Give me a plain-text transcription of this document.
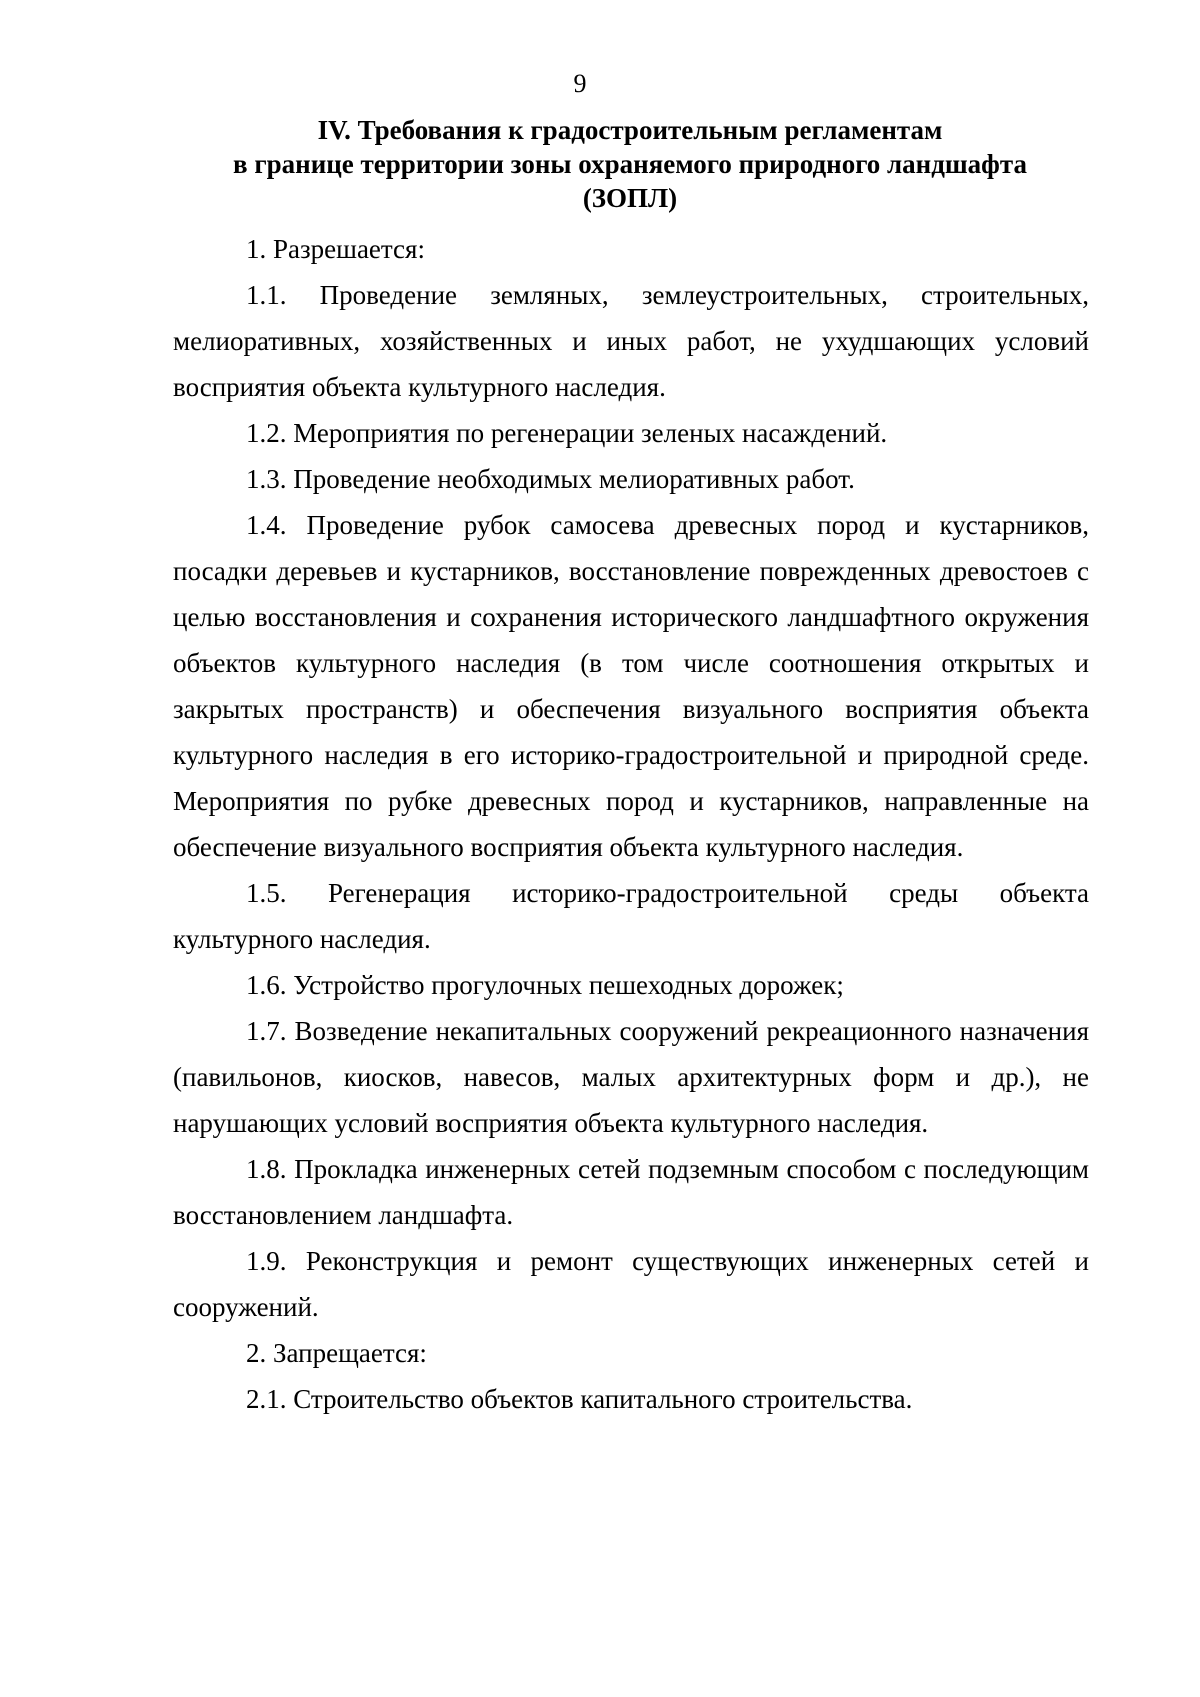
9
IV. Требования к градостроительным регламентам
в границе территории зоны охраняемого природного ландшафта
(ЗОПЛ)

1. Разрешается:

1.1. Проведение земляных, землеустроительных, строительных, мелиоративных, хозяйственных и иных работ, не ухудшающих условий восприятия объекта культурного наследия.

1.2. Мероприятия по регенерации зеленых насаждений.

1.3. Проведение необходимых мелиоративных работ.

1.4. Проведение рубок самосева древесных пород и кустарников, посадки деревьев и кустарников, восстановление поврежденных древостоев с целью восстановления и сохранения исторического ландшафтного окружения объектов культурного наследия (в том числе соотношения открытых и закрытых пространств) и обеспечения визуального восприятия объекта культурного наследия в его историко-градостроительной и природной среде. Мероприятия по рубке древесных пород и кустарников, направленные на обеспечение визуального восприятия объекта культурного наследия.

1.5. Регенерация историко-градостроительной среды объекта культурного наследия.

1.6. Устройство прогулочных пешеходных дорожек;

1.7. Возведение некапитальных сооружений рекреационного назначения (павильонов, киосков, навесов, малых архитектурных форм и др.), не нарушающих условий восприятия объекта культурного наследия.

1.8. Прокладка инженерных сетей подземным способом с последующим восстановлением ландшафта.

1.9. Реконструкция и ремонт существующих инженерных сетей и сооружений.

2. Запрещается:

2.1. Строительство объектов капитального строительства.
